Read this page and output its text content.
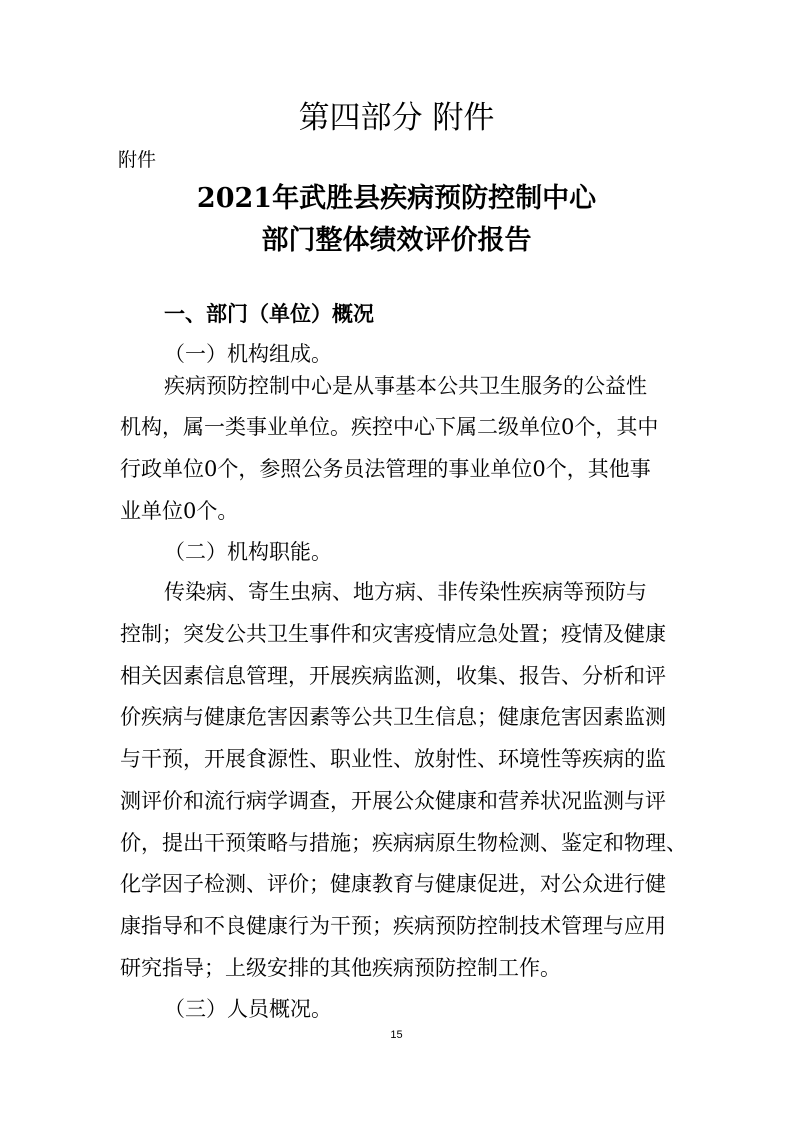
第四部分 附件
附件
2021年武胜县疾病预防控制中心
部门整体绩效评价报告
一、部门（单位）概况
（一）机构组成。
疾病预防控制中心是从事基本公共卫生服务的公益性
机构，属一类事业单位。疾控中心下属二级单位0个，其中
行政单位0个，参照公务员法管理的事业单位0个，其他事
业单位0个。
（二）机构职能。
传染病、寄生虫病、地方病、非传染性疾病等预防与
控制；突发公共卫生事件和灾害疫情应急处置；疫情及健康
相关因素信息管理，开展疾病监测，收集、报告、分析和评
价疾病与健康危害因素等公共卫生信息；健康危害因素监测
与干预，开展食源性、职业性、放射性、环境性等疾病的监
测评价和流行病学调查，开展公众健康和营养状况监测与评
价，提出干预策略与措施；疾病病原生物检测、鉴定和物理、
化学因子检测、评价；健康教育与健康促进，对公众进行健
康指导和不良健康行为干预；疾病预防控制技术管理与应用
研究指导；上级安排的其他疾病预防控制工作。
（三）人员概况。
15
